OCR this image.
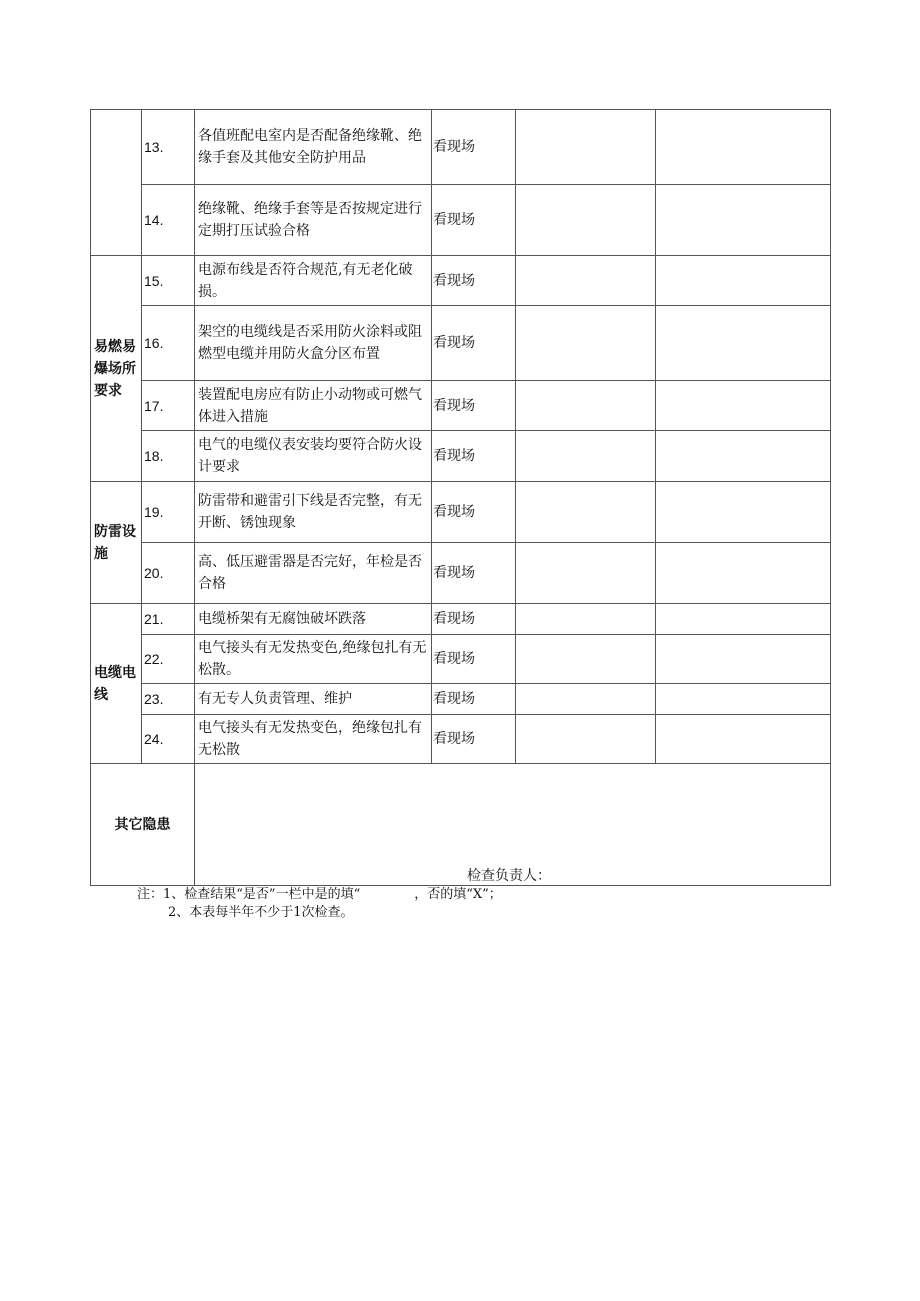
	13.	各值班配电室内是否配备绝缘靴、绝缘手套及其他安全防护用品	看现场		
	14.	绝缘靴、绝缘手套等是否按规定进行定期打压试验合格	看现场		
易燃易爆场所要求	15.	电源布线是否符合规范,有无老化破损。	看现场		
	16.	架空的电缆线是否采用防火涂料或阻燃型电缆并用防火盒分区布置	看现场		
	17.	装置配电房应有防止小动物或可燃气体进入措施	看现场		
	18.	电气的电缆仪表安装均要符合防火设计要求	看现场		
防雷设施	19.	防雷带和避雷引下线是否完整，有无开断、锈蚀现象	看现场		
	20.	高、低压避雷器是否完好，年检是否合格	看现场		
电缆电线	21.	电缆桥架有无腐蚀破坏跌落	看现场		
	22.	电气接头有无发热变色,绝缘包扎有无松散。	看现场		
	23.	有无专人负责管理、维护	看现场		
	24.	电气接头有无发热变色，绝缘包扎有无松散	看现场		
其它隐患		检查负责人：			
注：1、检查结果“是否”一栏中是的填“	，否的填“X”；
2、本表每半年不少于1次检查。
